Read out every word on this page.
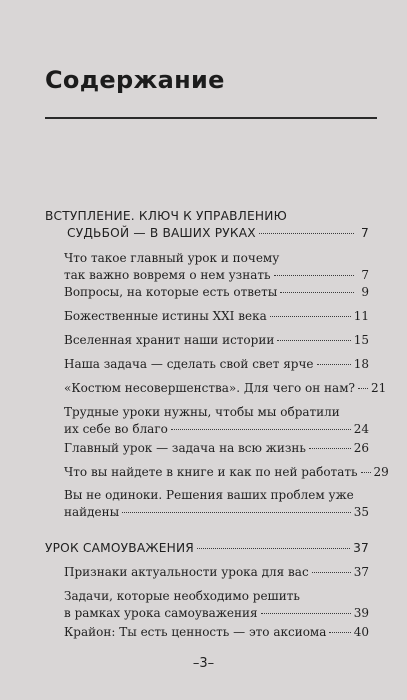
Содержание
ВСТУПЛЕНИЕ. КЛЮЧ К УПРАВЛЕНИЮ
СУДЬБОЙ — В ВАШИХ РУКАХ	7
Что такое главный урок и почему
так важно вовремя о нем узнать	7
Вопросы, на которые есть ответы	9
Божественные истины XXI века	11
Вселенная хранит наши истории	15
Наша задача — сделать свой свет ярче	18
«Костюм несовершенства». Для чего он нам? 21
Трудные уроки нужны, чтобы мы обратили
их себе во благо	24
Главный урок — задача на всю жизнь	26
Что вы найдете в книге и как по ней работать 29
Вы не одиноки. Решения ваших проблем уже
найдены	35
УРОК САМОУВАЖЕНИЯ	37
Признаки актуальности урока для вас	37
Задачи, которые необходимо решить
в рамках урока самоуважения	39
Крайон: Ты есть ценность — это аксиома 40
–3–
